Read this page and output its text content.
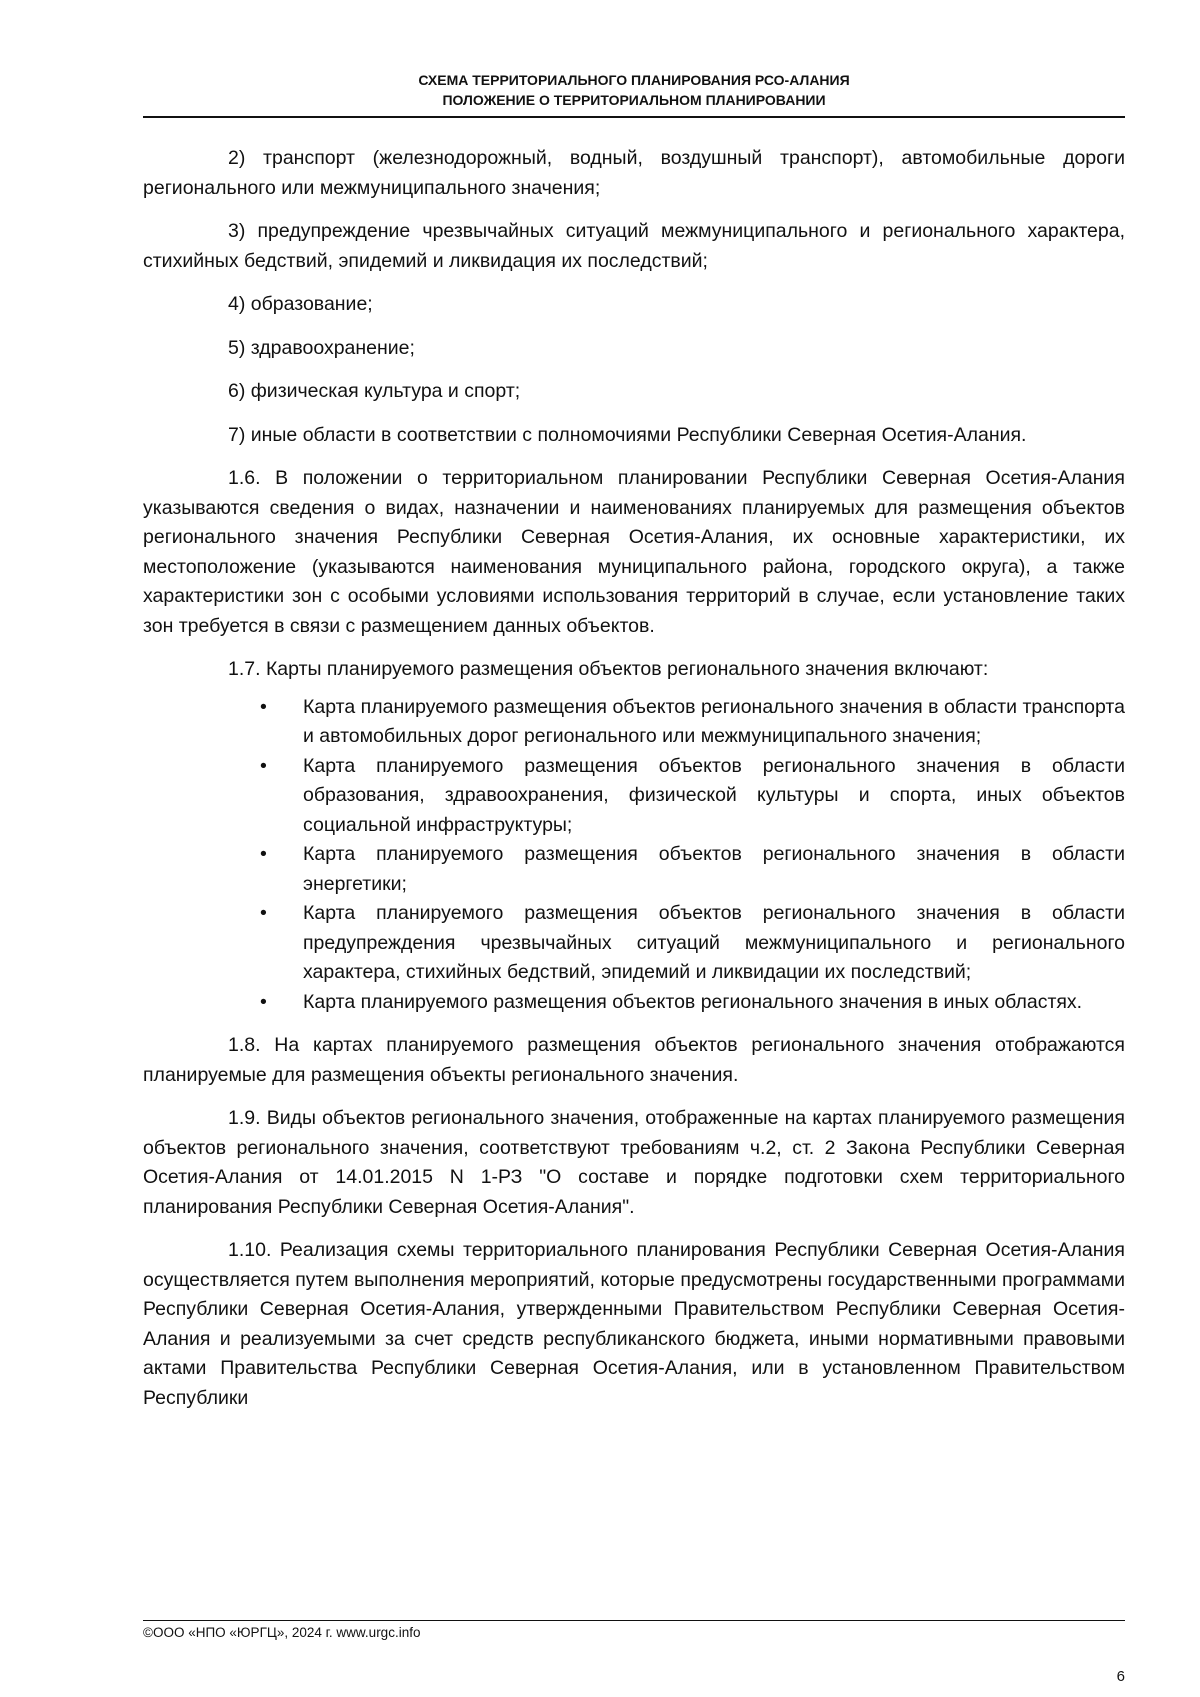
СХЕМА ТЕРРИТОРИАЛЬНОГО ПЛАНИРОВАНИЯ РСО-АЛАНИЯ
ПОЛОЖЕНИЕ О ТЕРРИТОРИАЛЬНОМ ПЛАНИРОВАНИИ

2) транспорт (железнодорожный, водный, воздушный транспорт), автомобильные дороги регионального или межмуниципального значения;

3) предупреждение чрезвычайных ситуаций межмуниципального и регионального характера, стихийных бедствий, эпидемий и ликвидация их последствий;

4) образование;

5) здравоохранение;

6) физическая культура и спорт;

7) иные области в соответствии с полномочиями Республики Северная Осетия-Алания.

1.6. В положении о территориальном планировании Республики Северная Осетия-Алания указываются сведения о видах, назначении и наименованиях планируемых для размещения объектов регионального значения Республики Северная Осетия-Алания, их основные характеристики, их местоположение (указываются наименования муниципального района, городского округа), а также характеристики зон с особыми условиями использования территорий в случае, если установление таких зон требуется в связи с размещением данных объектов.

1.7. Карты планируемого размещения объектов регионального значения включают:

• Карта планируемого размещения объектов регионального значения в области транспорта и автомобильных дорог регионального или межмуниципального значения;
• Карта планируемого размещения объектов регионального значения в области образования, здравоохранения, физической культуры и спорта, иных объектов социальной инфраструктуры;
• Карта планируемого размещения объектов регионального значения в области энергетики;
• Карта планируемого размещения объектов регионального значения в области предупреждения чрезвычайных ситуаций межмуниципального и регионального характера, стихийных бедствий, эпидемий и ликвидации их последствий;
• Карта планируемого размещения объектов регионального значения в иных областях.

1.8. На картах планируемого размещения объектов регионального значения отображаются планируемые для размещения объекты регионального значения.

1.9. Виды объектов регионального значения, отображенные на картах планируемого размещения объектов регионального значения, соответствуют требованиям ч.2, ст. 2 Закона Республики Северная Осетия-Алания от 14.01.2015 N 1-РЗ "О составе и порядке подготовки схем территориального планирования Республики Северная Осетия-Алания".

1.10. Реализация схемы территориального планирования Республики Северная Осетия-Алания осуществляется путем выполнения мероприятий, которые предусмотрены государственными программами Республики Северная Осетия-Алания, утвержденными Правительством Республики Северная Осетия-Алания и реализуемыми за счет средств республиканского бюджета, иными нормативными правовыми актами Правительства Республики Северная Осетия-Алания, или в установленном Правительством Республики

©ООО «НПО «ЮРГЦ», 2024 г. www.urgc.info
6
